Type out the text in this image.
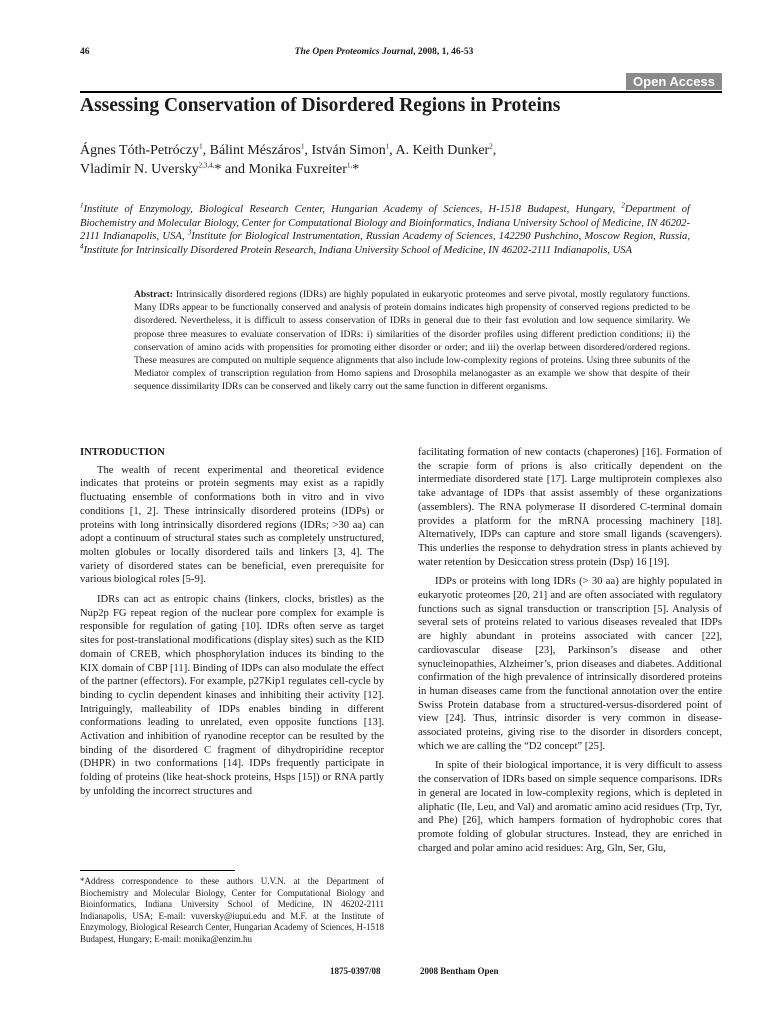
46	The Open Proteomics Journal, 2008, 1, 46-53
Open Access
Assessing Conservation of Disordered Regions in Proteins
Ágnes Tóth-Petróczy$^1$, Bálint Mészáros$^1$, István Simon$^1$, A. Keith Dunker$^2$,
Vladimir N. Uversky$^{2,3,4,}$* and Monika Fuxreiter$^{1,}$*
$^1$Institute of Enzymology, Biological Research Center, Hungarian Academy of Sciences, H-1518 Budapest, Hungary, $^2$Department of Biochemistry and Molecular Biology, Center for Computational Biology and Bioinformatics, Indiana University School of Medicine, IN 46202-2111 Indianapolis, USA, $^3$Institute for Biological Instrumentation, Russian Academy of Sciences, 142290 Pushchino, Moscow Region, Russia, $^4$Institute for Intrinsically Disordered Protein Research, Indiana University School of Medicine, IN 46202-2111 Indianapolis, USA
Abstract: Intrinsically disordered regions (IDRs) are highly populated in eukaryotic proteomes and serve pivotal, mostly regulatory functions. Many IDRs appear to be functionally conserved and analysis of protein domains indicates high propensity of conserved regions predicted to be disordered. Nevertheless, it is difficult to assess conservation of IDRs in general due to their fast evolution and low sequence similarity. We propose three measures to evaluate conservation of IDRs: i) similarities of the disorder profiles using different prediction conditions; ii) the conservation of amino acids with propensities for promoting either disorder or order; and iii) the overlap between disordered/ordered regions. These measures are computed on multiple sequence alignments that also include low-complexity regions of proteins. Using three subunits of the Mediator complex of transcription regulation from Homo sapiens and Drosophila melanogaster as an example we show that despite of their sequence dissimilarity IDRs can be conserved and likely carry out the same function in different organisms.
INTRODUCTION

The wealth of recent experimental and theoretical evidence indicates that proteins or protein segments may exist as a rapidly fluctuating ensemble of conformations both in vitro and in vivo conditions [1, 2]. These intrinsically disordered proteins (IDPs) or proteins with long intrinsically disordered regions (IDRs; >30 aa) can adopt a continuum of structural states such as completely unstructured, molten globules or locally disordered tails and linkers [3, 4]. The variety of disordered states can be beneficial, even prerequisite for various biological roles [5-9].

IDRs can act as entropic chains (linkers, clocks, bristles) as the Nup2p FG repeat region of the nuclear pore complex for example is responsible for regulation of gating [10]. IDRs often serve as target sites for post-translational modifications (display sites) such as the KID domain of CREB, which phosphorylation induces its binding to the KIX domain of CBP [11]. Binding of IDPs can also modulate the effect of the partner (effectors). For example, p27Kip1 regulates cell-cycle by binding to cyclin dependent kinases and inhibiting their activity [12]. Intriguingly, malleability of IDPs enables binding in different conformations leading to unrelated, even opposite functions [13]. Activation and inhibition of ryanodine receptor can be resulted by the binding of the disordered C fragment of dihydropiridine receptor (DHPR) in two conformations [14]. IDPs frequently participate in folding of proteins (like heat-shock proteins, Hsps [15]) or RNA partly by unfolding the incorrect structures and

facilitating formation of new contacts (chaperones) [16]. Formation of the scrapie form of prions is also critically dependent on the intermediate disordered state [17]. Large multiprotein complexes also take advantage of IDPs that assist assembly of these organizations (assemblers). The RNA polymerase II disordered C-terminal domain provides a platform for the mRNA processing machinery [18]. Alternatively, IDPs can capture and store small ligands (scavengers). This underlies the response to dehydration stress in plants achieved by water retention by Desiccation stress protein (Dsp) 16 [19].

IDPs or proteins with long IDRs (> 30 aa) are highly populated in eukaryotic proteomes [20, 21] and are often associated with regulatory functions such as signal transduction or transcription [5]. Analysis of several sets of proteins related to various diseases revealed that IDPs are highly abundant in proteins associated with cancer [22], cardiovascular disease [23], Parkinson’s disease and other synucleinopathies, Alzheimer’s, prion diseases and diabetes. Additional confirmation of the high prevalence of intrinsically disordered proteins in human diseases came from the functional annotation over the entire Swiss Protein database from a structured-versus-disordered point of view [24]. Thus, intrinsic disorder is very common in disease-associated proteins, giving rise to the disorder in disorders concept, which we are calling the “D2 concept” [25].

In spite of their biological importance, it is very difficult to assess the conservation of IDRs based on simple sequence comparisons. IDRs in general are located in low-complexity regions, which is depleted in aliphatic (Ile, Leu, and Val) and aromatic amino acid residues (Trp, Tyr, and Phe) [26], which hampers formation of hydrophobic cores that promote folding of globular structures. Instead, they are enriched in charged and polar amino acid residues: Arg, Gln, Ser, Glu,

*Address correspondence to these authors U.V.N. at the Department of Biochemistry and Molecular Biology, Center for Computational Biology and Bioinformatics, Indiana University School of Medicine, IN 46202-2111 Indianapolis, USA; E-mail: vuversky@iupui.edu and M.F. at the Institute of Enzymology, Biological Research Center, Hungarian Academy of Sciences, H-1518 Budapest, Hungary; E-mail: monika@enzim.hu
1875-0397/08	2008 Bentham Open
